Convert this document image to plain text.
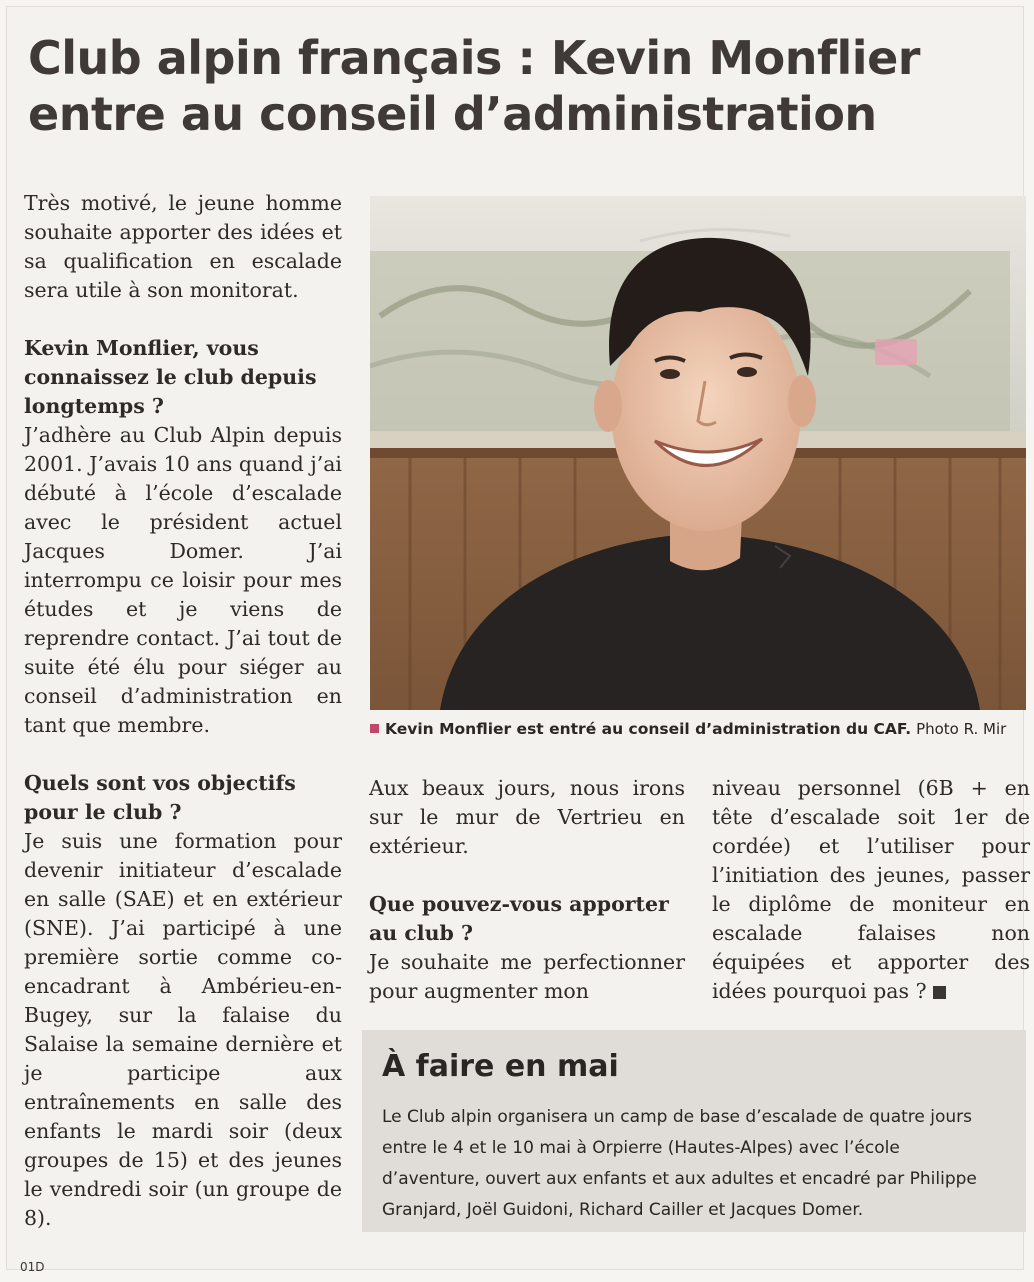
Club alpin français : Kevin Monflier entre au conseil d’administration

Très motivé, le jeune homme souhaite apporter des idées et sa qualification en escalade sera utile à son monitorat.

Kevin Monflier, vous connaissez le club depuis longtemps ?

J’adhère au Club Alpin depuis 2001. J’avais 10 ans quand j’ai débuté à l’école d’escalade avec le président actuel Jacques Domer. J’ai interrompu ce loisir pour mes études et je viens de reprendre contact. J’ai tout de suite été élu pour siéger au conseil d’administration en tant que membre.

Quels sont vos objectifs pour le club ?

Je suis une formation pour devenir initiateur d’escalade en salle (SAE) et en extérieur (SNE). J’ai participé à une première sortie comme co-encadrant à Ambérieu-en-Bugey, sur la falaise du Salaise la semaine dernière et je participe aux entraînements en salle des enfants le mardi soir (deux groupes de 15) et des jeunes le vendredi soir (un groupe de 8).

Kevin Monflier est entré au conseil d’administration du CAF. Photo R. Mir

Aux beaux jours, nous irons sur le mur de Vertrieu en extérieur.

Que pouvez-vous apporter au club ?

Je souhaite me perfectionner pour augmenter mon

niveau personnel (6B + en tête d’escalade soit 1er de cordée) et l’utiliser pour l’initiation des jeunes, passer le diplôme de moniteur en escalade falaises non équipées et apporter des idées pourquoi pas ?

À faire en mai
Le Club alpin organisera un camp de base d’escalade de quatre jours entre le 4 et le 10 mai à Orpierre (Hautes-Alpes) avec l’école d’aventure, ouvert aux enfants et aux adultes et encadré par Philippe Granjard, Joël Guidoni, Richard Cailler et Jacques Domer.
01D
